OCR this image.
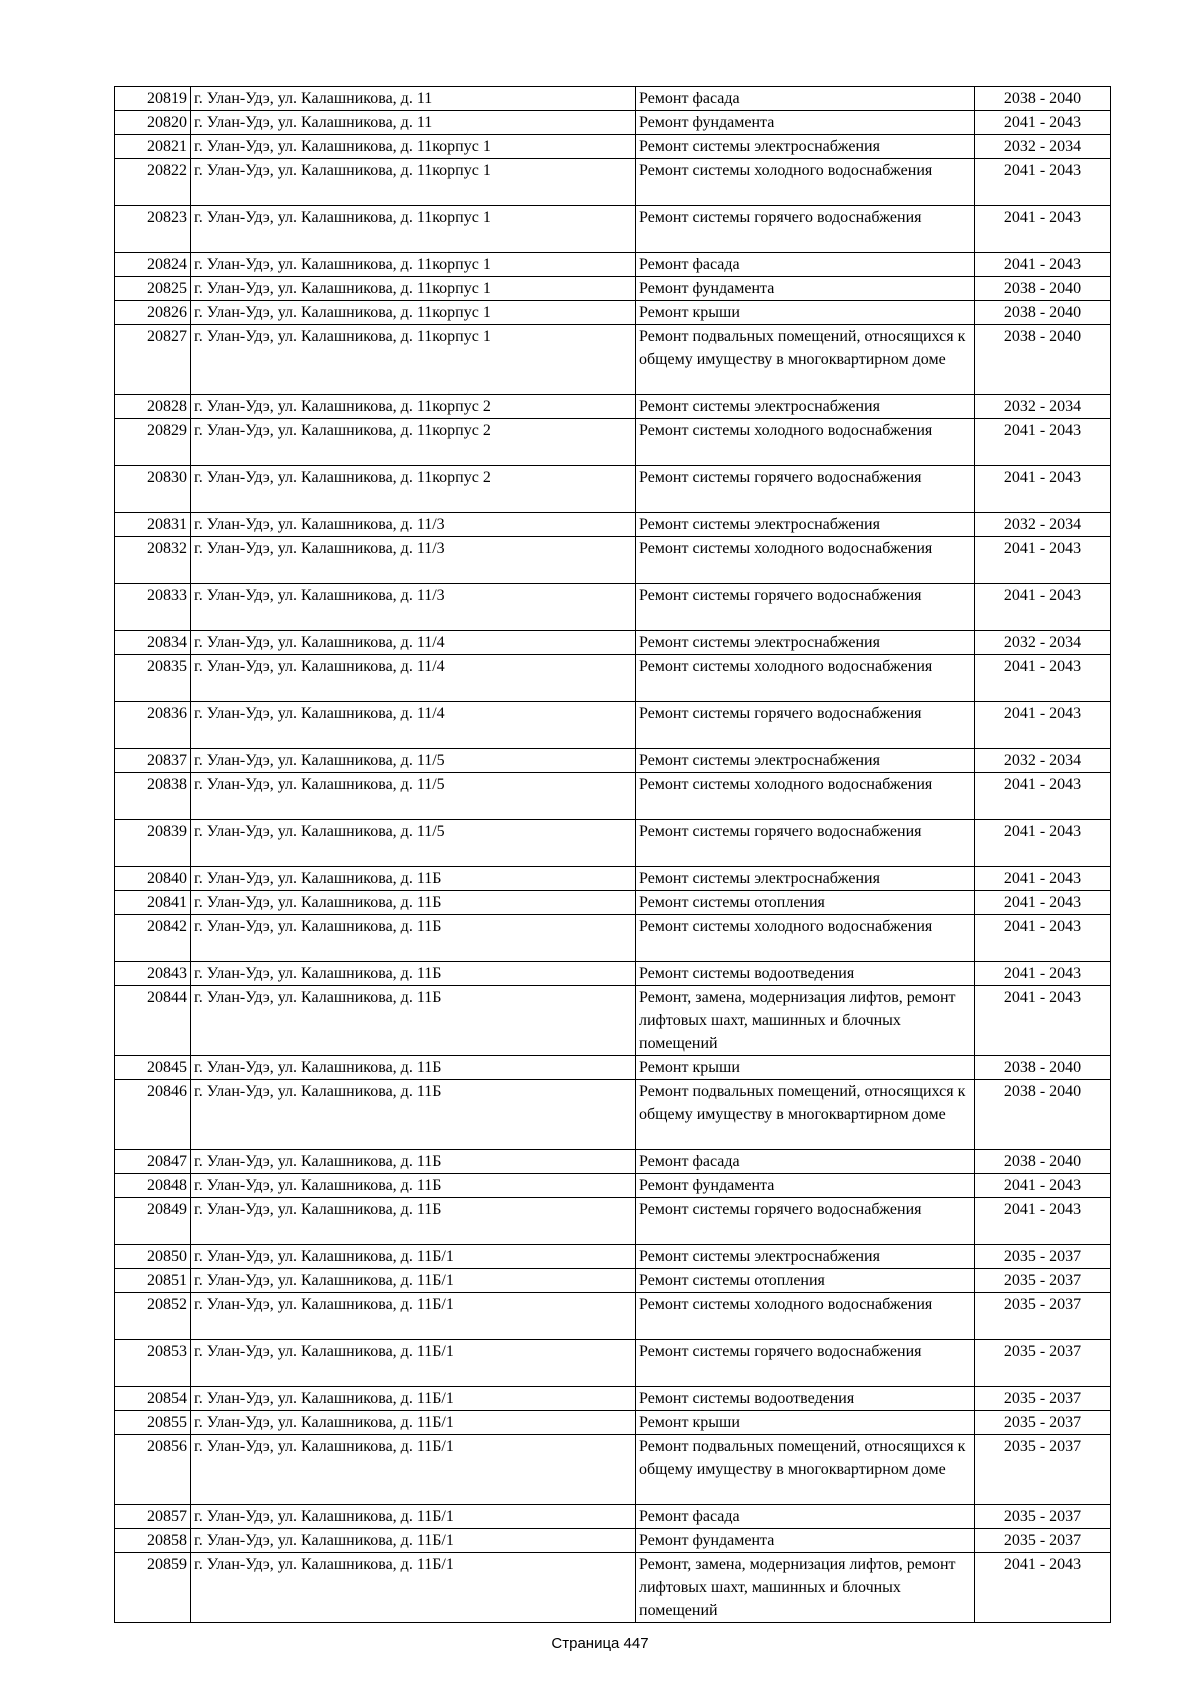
20819	г. Улан-Удэ, ул. Калашникова, д. 11	Ремонт фасада	2038 - 2040
20820	г. Улан-Удэ, ул. Калашникова, д. 11	Ремонт фундамента	2041 - 2043
20821	г. Улан-Удэ, ул. Калашникова, д. 11корпус 1	Ремонт системы электроснабжения	2032 - 2034
20822	г. Улан-Удэ, ул. Калашникова, д. 11корпус 1	Ремонт системы холодного водоснабжения	2041 - 2043
20823	г. Улан-Удэ, ул. Калашникова, д. 11корпус 1	Ремонт системы горячего водоснабжения	2041 - 2043
20824	г. Улан-Удэ, ул. Калашникова, д. 11корпус 1	Ремонт фасада	2041 - 2043
20825	г. Улан-Удэ, ул. Калашникова, д. 11корпус 1	Ремонт фундамента	2038 - 2040
20826	г. Улан-Удэ, ул. Калашникова, д. 11корпус 1	Ремонт крыши	2038 - 2040
20827	г. Улан-Удэ, ул. Калашникова, д. 11корпус 1	Ремонт подвальных помещений, относящихся к общему имуществу в многоквартирном доме	2038 - 2040
20828	г. Улан-Удэ, ул. Калашникова, д. 11корпус 2	Ремонт системы электроснабжения	2032 - 2034
20829	г. Улан-Удэ, ул. Калашникова, д. 11корпус 2	Ремонт системы холодного водоснабжения	2041 - 2043
20830	г. Улан-Удэ, ул. Калашникова, д. 11корпус 2	Ремонт системы горячего водоснабжения	2041 - 2043
20831	г. Улан-Удэ, ул. Калашникова, д. 11/3	Ремонт системы электроснабжения	2032 - 2034
20832	г. Улан-Удэ, ул. Калашникова, д. 11/3	Ремонт системы холодного водоснабжения	2041 - 2043
20833	г. Улан-Удэ, ул. Калашникова, д. 11/3	Ремонт системы горячего водоснабжения	2041 - 2043
20834	г. Улан-Удэ, ул. Калашникова, д. 11/4	Ремонт системы электроснабжения	2032 - 2034
20835	г. Улан-Удэ, ул. Калашникова, д. 11/4	Ремонт системы холодного водоснабжения	2041 - 2043
20836	г. Улан-Удэ, ул. Калашникова, д. 11/4	Ремонт системы горячего водоснабжения	2041 - 2043
20837	г. Улан-Удэ, ул. Калашникова, д. 11/5	Ремонт системы электроснабжения	2032 - 2034
20838	г. Улан-Удэ, ул. Калашникова, д. 11/5	Ремонт системы холодного водоснабжения	2041 - 2043
20839	г. Улан-Удэ, ул. Калашникова, д. 11/5	Ремонт системы горячего водоснабжения	2041 - 2043
20840	г. Улан-Удэ, ул. Калашникова, д. 11Б	Ремонт системы электроснабжения	2041 - 2043
20841	г. Улан-Удэ, ул. Калашникова, д. 11Б	Ремонт системы отопления	2041 - 2043
20842	г. Улан-Удэ, ул. Калашникова, д. 11Б	Ремонт системы холодного водоснабжения	2041 - 2043
20843	г. Улан-Удэ, ул. Калашникова, д. 11Б	Ремонт системы водоотведения	2041 - 2043
20844	г. Улан-Удэ, ул. Калашникова, д. 11Б	Ремонт, замена, модернизация лифтов, ремонт лифтовых шахт, машинных и блочных помещений	2041 - 2043
20845	г. Улан-Удэ, ул. Калашникова, д. 11Б	Ремонт крыши	2038 - 2040
20846	г. Улан-Удэ, ул. Калашникова, д. 11Б	Ремонт подвальных помещений, относящихся к общему имуществу в многоквартирном доме	2038 - 2040
20847	г. Улан-Удэ, ул. Калашникова, д. 11Б	Ремонт фасада	2038 - 2040
20848	г. Улан-Удэ, ул. Калашникова, д. 11Б	Ремонт фундамента	2041 - 2043
20849	г. Улан-Удэ, ул. Калашникова, д. 11Б	Ремонт системы горячего водоснабжения	2041 - 2043
20850	г. Улан-Удэ, ул. Калашникова, д. 11Б/1	Ремонт системы электроснабжения	2035 - 2037
20851	г. Улан-Удэ, ул. Калашникова, д. 11Б/1	Ремонт системы отопления	2035 - 2037
20852	г. Улан-Удэ, ул. Калашникова, д. 11Б/1	Ремонт системы холодного водоснабжения	2035 - 2037
20853	г. Улан-Удэ, ул. Калашникова, д. 11Б/1	Ремонт системы горячего водоснабжения	2035 - 2037
20854	г. Улан-Удэ, ул. Калашникова, д. 11Б/1	Ремонт системы водоотведения	2035 - 2037
20855	г. Улан-Удэ, ул. Калашникова, д. 11Б/1	Ремонт крыши	2035 - 2037
20856	г. Улан-Удэ, ул. Калашникова, д. 11Б/1	Ремонт подвальных помещений, относящихся к общему имуществу в многоквартирном доме	2035 - 2037
20857	г. Улан-Удэ, ул. Калашникова, д. 11Б/1	Ремонт фасада	2035 - 2037
20858	г. Улан-Удэ, ул. Калашникова, д. 11Б/1	Ремонт фундамента	2035 - 2037
20859	г. Улан-Удэ, ул. Калашникова, д. 11Б/1	Ремонт, замена, модернизация лифтов, ремонт лифтовых шахт, машинных и блочных помещений	2041 - 2043
Страница 447
